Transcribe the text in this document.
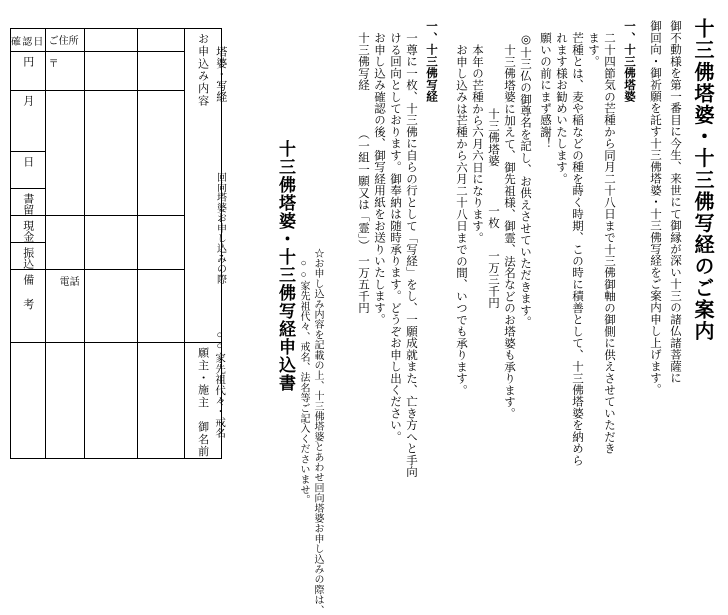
十三佛塔婆・十三佛写経のご案内
御不動様を第一番目に今生、来世にて御縁が深い十三の諸仏諸菩薩に
御回向・御祈願を託す十三佛塔婆・十三佛写経をご案内申し上げます。
一、十三佛塔婆
二十四節気の芒種から同月二十八日まで十三佛御軸の御側に供えさせていただき
ます。
芒種とは、麦や稲などの種を蒔く時期、この時に積善として、十三佛塔婆を納めら
れます様お勧めいたします。
願いの前にまず感謝！
◎十三仏の御尊名を記し、お供えさせていただきます。
十三佛塔婆に加えて、御先祖様、御霊、法名などのお塔婆も承ります。
本年の芒種から六月六日になります。
お申し込みは芒種から六月二十八日までの間、いつでも承ります。 十三佛塔婆
一枚
一万三千円
一、十三佛写経
一尊に一枚、十三佛に自らの行として「写経」をし、一願成就また、亡き方へと手向
ける回向としております。御奉納は随時承ります。どうぞお申し出ください。
お申し込み確認の後、御写経用紙をお送りいたします。
十三佛写経
（一組一願又は「霊」）
一万五千円
十三佛塔婆・十三佛写経申込書 ☆お申し込み内容を記載の上、十三佛塔婆とあわせ回向塔婆お申し込みの際は、
　○○家先祖代々、戒名、法名等ご記入くださいませ。
確認日	ご住所			お申込み内容

円	〒			

月				

日				

書留				

現金				

振込				

備　考	電話			

				願主・施主　御名前
塔婆・写経
回向塔婆お申し込みの際
○○家先祖代々・戒名
